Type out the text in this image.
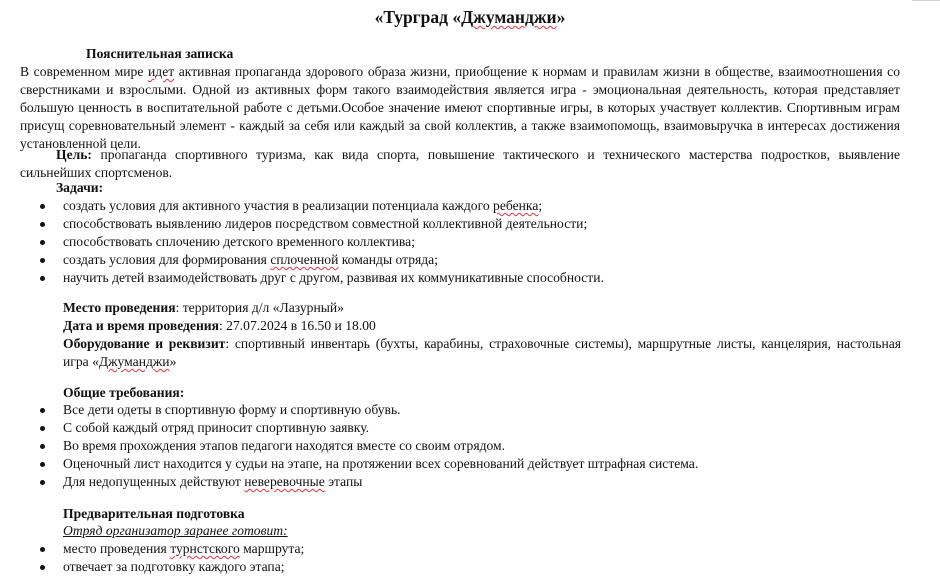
«Турград «Джуманджи»
Пояснительная записка

В современном мире идет активная пропаганда здорового образа жизни, приобщение к нормам и правилам жизни в обществе, взаимоотношения со сверстниками и взрослыми. Одной из активных форм такого взаимодействия является игра - эмоциональная деятельность, которая представляет большую ценность в воспитательной работе с детьми.Особое значение имеют спортивные игры, в которых участвует коллектив. Спортивным играм присущ соревновательный элемент - каждый за себя или каждый за свой коллектив, а также взаимопомощь, взаимовыручка в интересах достижения установленной цели.

Цель: пропаганда спортивного туризма, как вида спорта, повышение тактического и технического мастерства подростков, выявление сильнейших спортсменов.

Задачи:
создать условия для активного участия в реализации потенциала каждого ребенка;
способствовать выявлению лидеров посредством совместной коллективной деятельности;
способствовать сплочению детского временного коллектива;
создать условия для формирования сплоченной команды отряда;
научить детей взаимодействовать друг с другом, развивая их коммуникативные способности.
Место проведения: территория д/л «Лазурный»
Дата и время проведения: 27.07.2024 в 16.50 и 18.00

Оборудование и реквизит: спортивный инвентарь (бухты, карабины, страховочные системы), маршрутные листы, канцелярия, настольная игра «Джуманджи»

Общие требования:
Все дети одеты в спортивную форму и спортивную обувь.
С собой каждый отряд приносит спортивную заявку.
Во время прохождения этапов педагоги находятся вместе со своим отрядом.
Оценочный лист находится у судьи на этапе, на протяжении всех соревнований действует штрафная система.
Для недопущенных действуют неверевочные этапы
Предварительная подготовка
Отряд организатор заранее готовит:
место проведения турнстского маршрута;
отвечает за подготовку каждого этапа;
